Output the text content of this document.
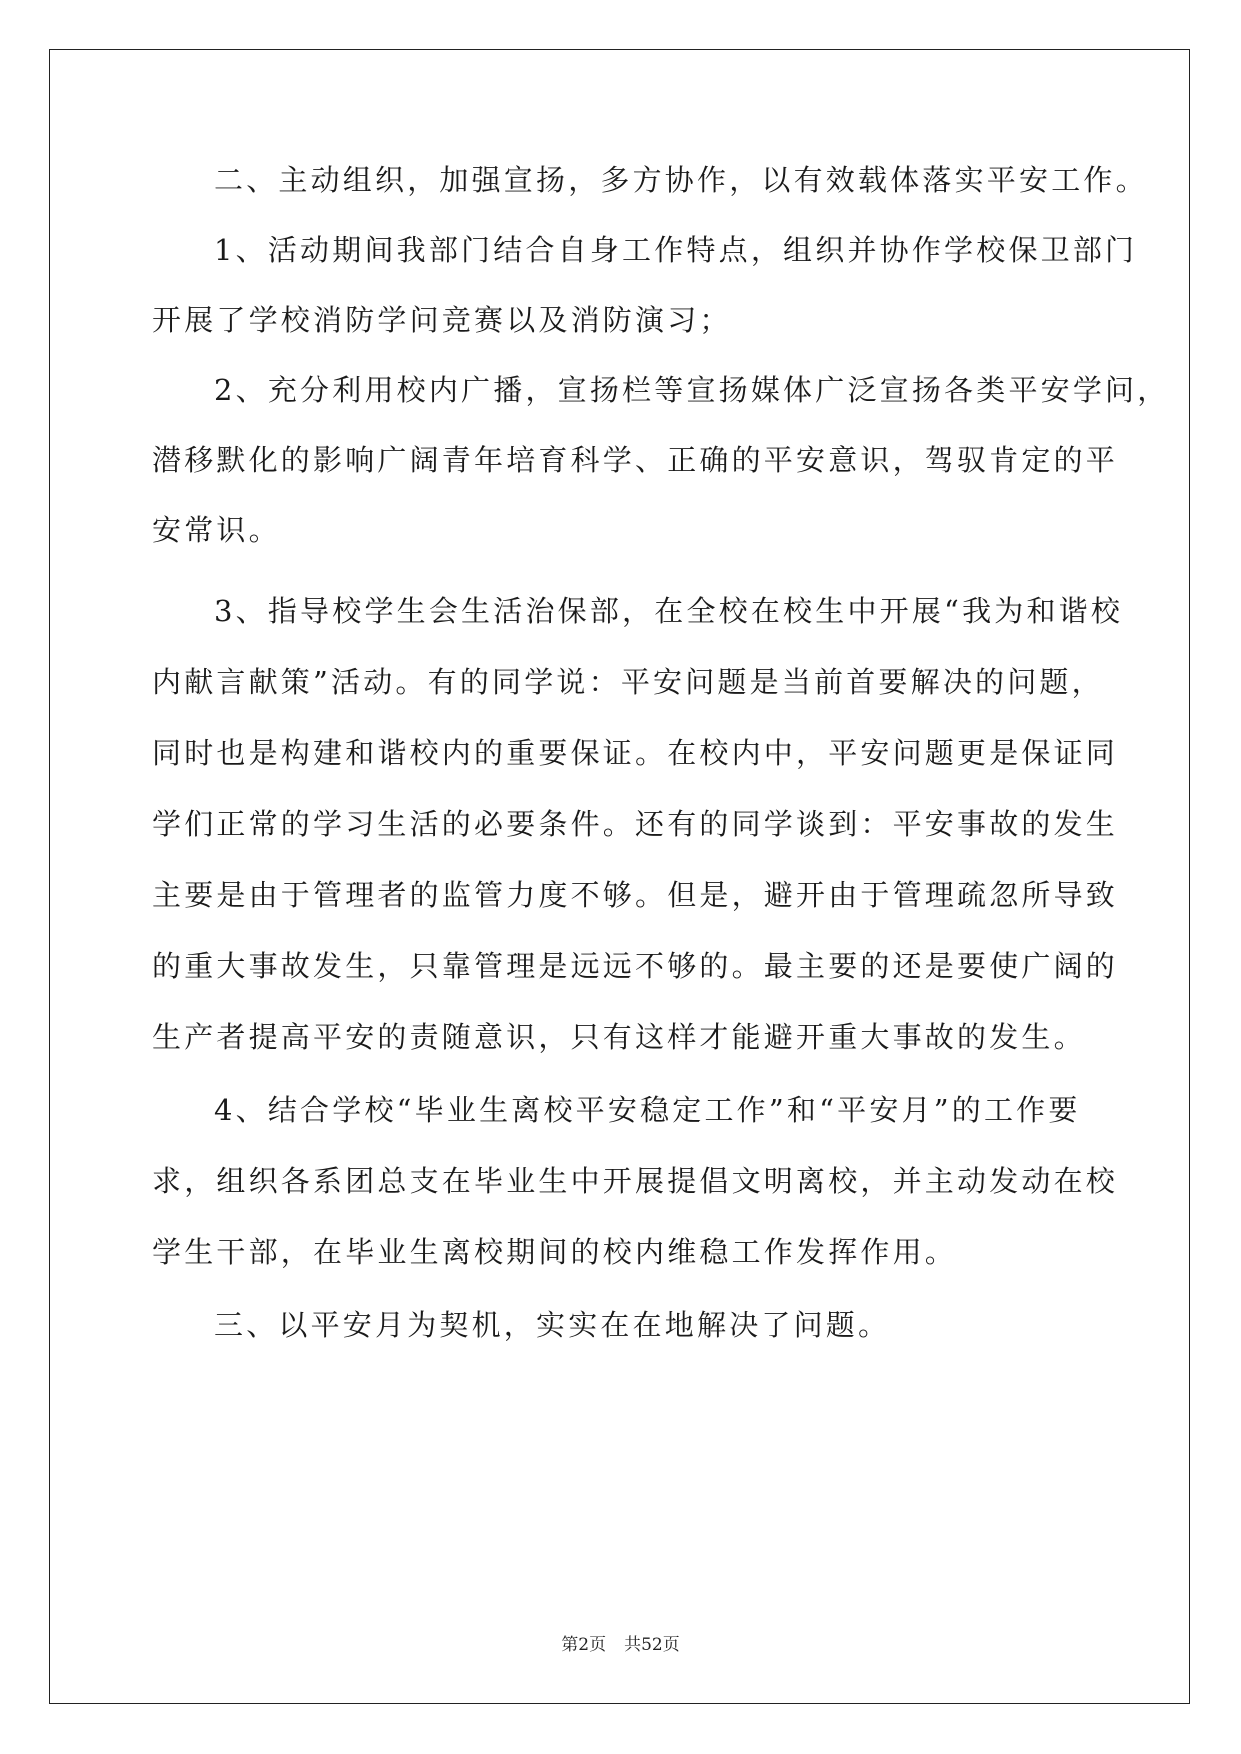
二、主动组织，加强宣扬，多方协作，以有效载体落实平安工作。
1、活动期间我部门结合自身工作特点，组织并协作学校保卫部门
开展了学校消防学问竞赛以及消防演习；
2、充分利用校内广播，宣扬栏等宣扬媒体广泛宣扬各类平安学问，
潜移默化的影响广阔青年培育科学、正确的平安意识，驾驭肯定的平
安常识。
3、指导校学生会生活治保部，在全校在校生中开展“我为和谐校
内献言献策”活动。有的同学说：平安问题是当前首要解决的问题，
同时也是构建和谐校内的重要保证。在校内中，平安问题更是保证同
学们正常的学习生活的必要条件。还有的同学谈到：平安事故的发生
主要是由于管理者的监管力度不够。但是，避开由于管理疏忽所导致
的重大事故发生，只靠管理是远远不够的。最主要的还是要使广阔的
生产者提高平安的责随意识，只有这样才能避开重大事故的发生。
4、结合学校“毕业生离校平安稳定工作”和“平安月”的工作要
求，组织各系团总支在毕业生中开展提倡文明离校，并主动发动在校
学生干部，在毕业生离校期间的校内维稳工作发挥作用。
三、以平安月为契机，实实在在地解决了问题。
第2页 共52页
